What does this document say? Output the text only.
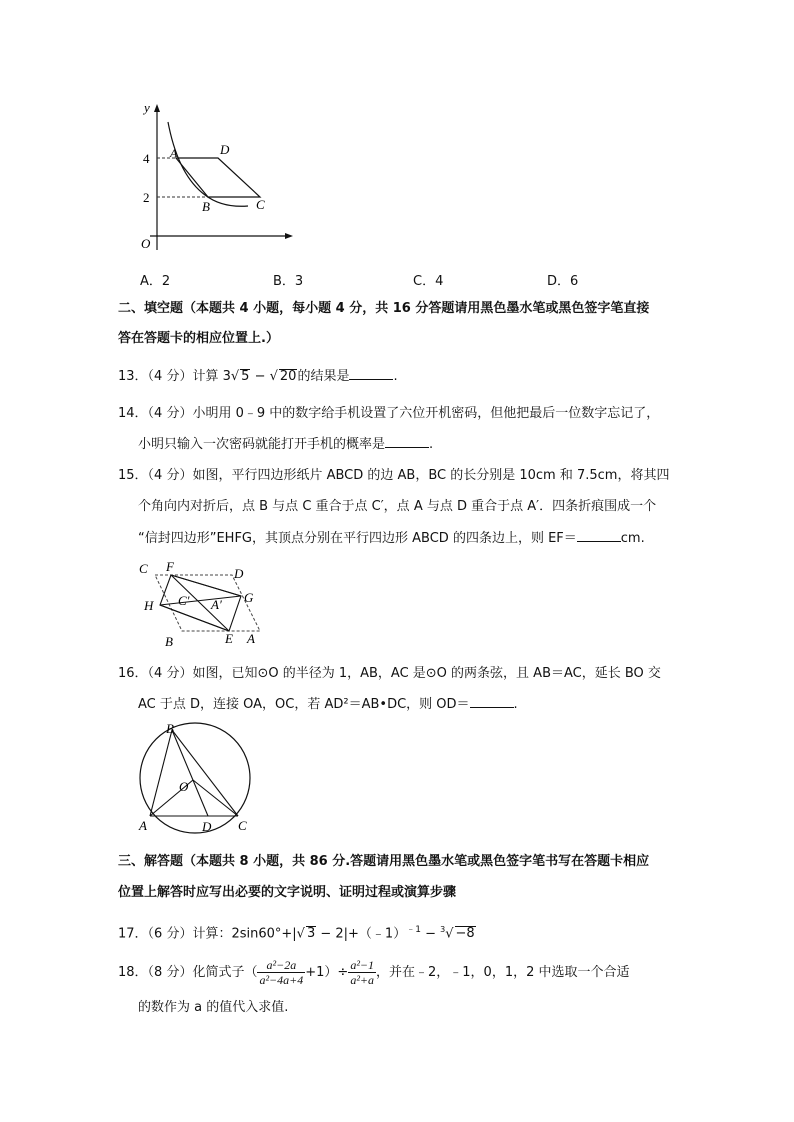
y
4
2
O
A	D
B	C
A．2	B．3	C．4	D．6
二、填空题（本题共 4 小题，每小题 4 分，共 16 分答题请用黑色墨水笔或黑色签字笔直接
答在答题卡的相应位置上.）
13．（4 分）计算 3√ 5 − √ 20的结果是	.
14．（4 分）小明用 0﹣9 中的数字给手机设置了六位开机密码，但他把最后一位数字忘记了，
小明只输入一次密码就能打开手机的概率是	.
15．（4 分）如图，平行四边形纸片 ABCD 的边 AB，BC 的长分别是 10cm 和 7.5cm，将其四
个角向内对折后，点 B 与点 C 重合于点 C′，点 A 与点 D 重合于点 A′．四条折痕围成一个
“信封四边形”EHFG，其顶点分别在平行四边形 ABCD 的四条边上，则 EF＝	cm.
C F	D
H C′ A′ G
B	E A
16．（4 分）如图，已知⊙O 的半径为 1，AB，AC 是⊙O 的两条弦，且 AB＝AC，延长 BO 交
AC 于点 D，连接 OA，OC，若 AD²＝AB•DC，则 OD＝	.
B
O
A	D C
三、解答题（本题共 8 小题，共 86 分.答题请用黑色墨水笔或黑色签字笔书写在答题卡相应
位置上解答时应写出必要的文字说明、证明过程或演算步骤
17．（6 分）计算：2sin60°+|√ 3 − 2|+（﹣1）$^{﹣1}$ − $^3$√ −8
18．（8 分）化简式子（ $\frac{\text{a²−2a}}{\text{a²−4a+4}} +1)\div \frac{\text{a²−1}}{\text{a²+a}}$ ，并在﹣2，﹣1，0，1，2 中选取一个合适
的数作为 a 的值代入求值.
